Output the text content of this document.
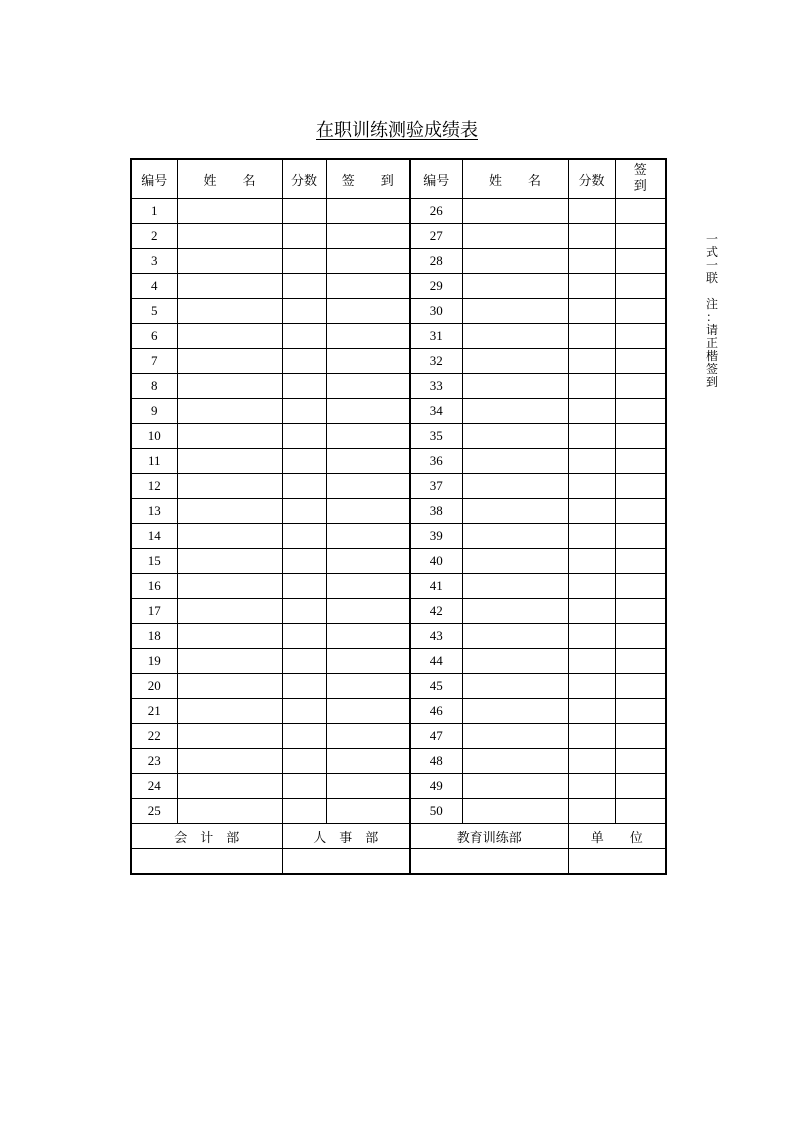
在职训练测验成绩表
编号	姓　　名	分数	签　　到	编号	姓　　名	分数	签到
1				26			
2				27			
3				28			
4				29			
5				30			
6				31			
7				32			
8				33			
9				34			
10				35			
11				36			
12				37			
13				38			
14				39			
15				40			
16				41			
17				42			
18				43			
19				44			
20				45			
21				46			
22				47			
23				48			
24				49			
25				50			
会　计　部		人　事　部		教育训练部		单　　位	

一
式
一
联
注
：
请
正
楷
签
到
